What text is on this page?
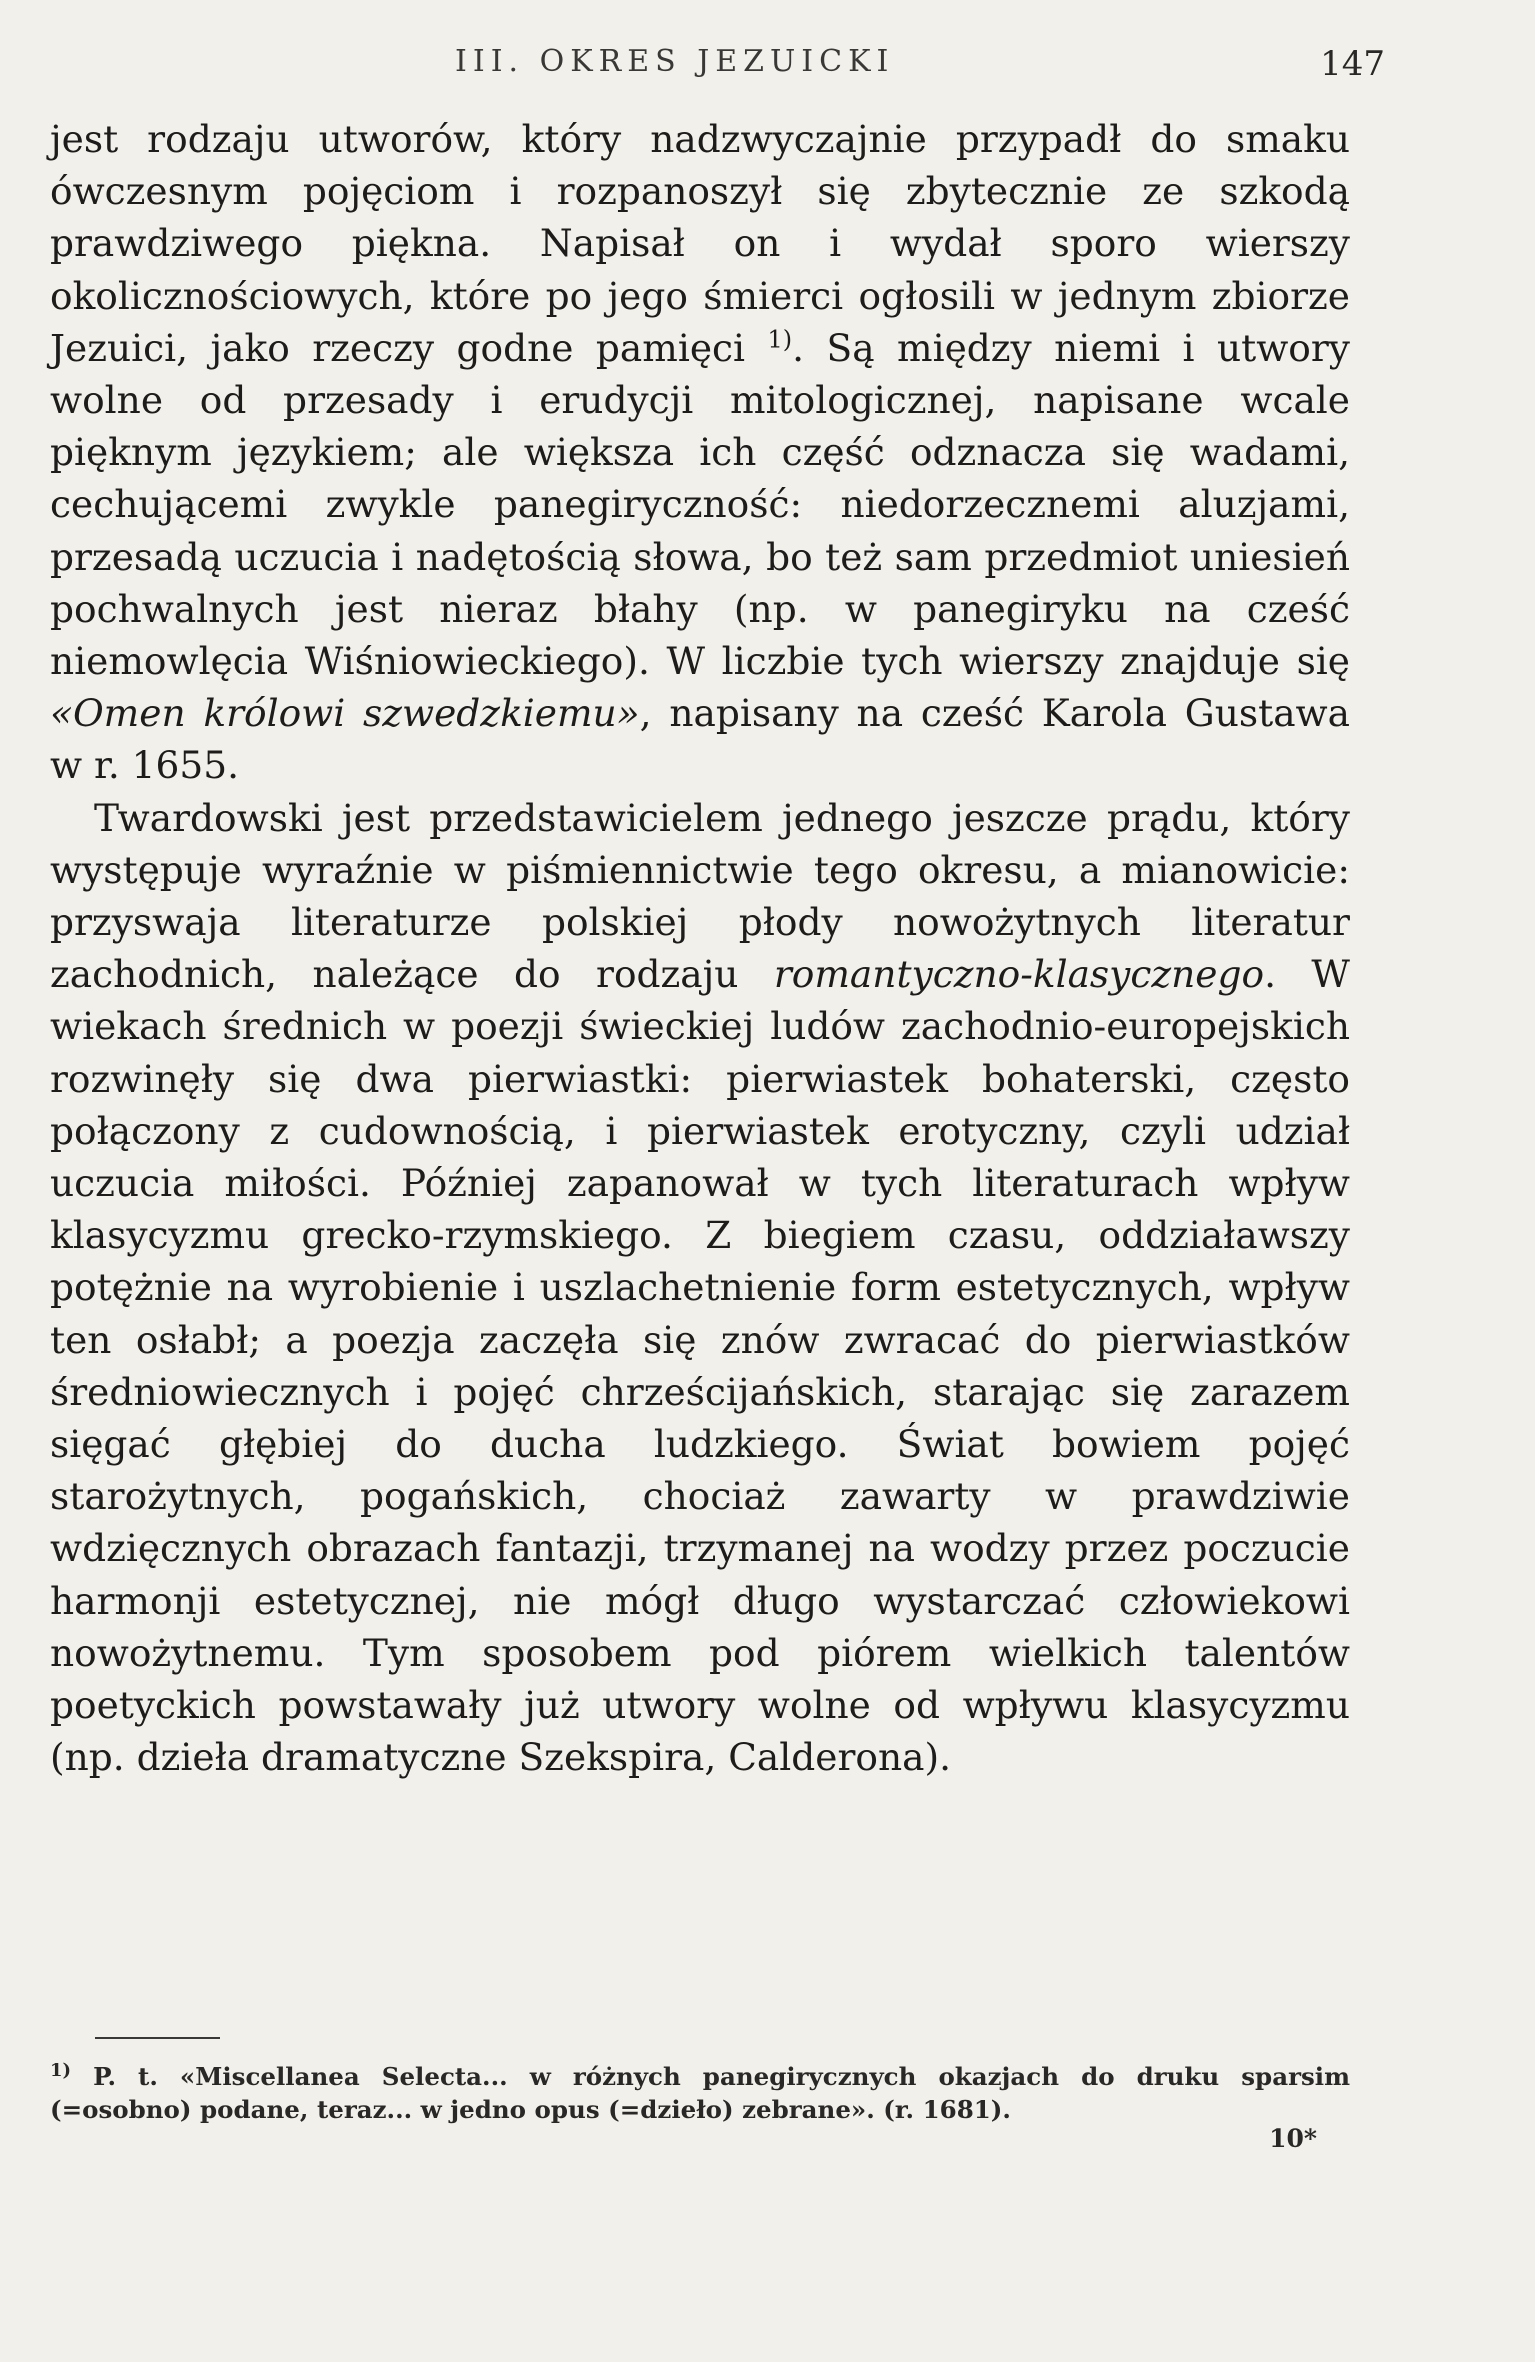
III. OKRES JEZUICKI	147

jest rodzaju utworów, który nadzwyczajnie przypadł do smaku ówczesnym pojęciom i rozpanoszył się zbytecznie ze szkodą prawdziwego piękna. Napisał on i wydał sporo wierszy okolicznościowych, które po jego śmierci ogłosili w jednym zbiorze Jezuici, jako rzeczy godne pamięci $^{1)}$. Są między niemi i utwory wolne od przesady i erudycji mitologicznej, napisane wcale pięknym językiem; ale większa ich część odznacza się wadami, cechującemi zwykle panegiryczność: niedorzecznemi aluzjami, przesadą uczucia i nadętością słowa, bo też sam przedmiot uniesień pochwalnych jest nieraz błahy (np. w panegiryku na cześć niemowlęcia Wiśniowieckiego). W liczbie tych wierszy znajduje się «Omen królowi szwedzkiemu», napisany na cześć Karola Gustawa w r. 1655.

Twardowski jest przedstawicielem jednego jeszcze prądu, który występuje wyraźnie w piśmiennictwie tego okresu, a mianowicie: przyswaja literaturze polskiej płody nowożytnych literatur zachodnich, należące do rodzaju romantyczno-klasycznego. W wiekach średnich w poezji świeckiej ludów zachodnio-europejskich rozwinęły się dwa pierwiastki: pierwiastek bohaterski, często połączony z cudownością, i pierwiastek erotyczny, czyli udział uczucia miłości. Później zapanował w tych literaturach wpływ klasycyzmu grecko-rzymskiego. Z biegiem czasu, oddziaławszy potężnie na wyrobienie i uszlachetnienie form estetycznych, wpływ ten osłabł; a poezja zaczęła się znów zwracać do pierwiastków średniowiecznych i pojęć chrześcijańskich, starając się zarazem sięgać głębiej do ducha ludzkiego. Świat bowiem pojęć starożytnych, pogańskich, chociaż zawarty w prawdziwie wdzięcznych obrazach fantazji, trzymanej na wodzy przez poczucie harmonji estetycznej, nie mógł długo wystarczać człowiekowi nowożytnemu. Tym sposobem pod piórem wielkich talentów poetyckich powstawały już utwory wolne od wpływu klasycyzmu (np. dzieła dramatyczne Szekspira, Calderona).

$^{1)}$ P. t. «Miscellanea Selecta... w różnych panegirycznych okazjach do druku sparsim (=osobno) podane, teraz... w jedno opus (=dzieło) zebrane». (r. 1681).
10*
